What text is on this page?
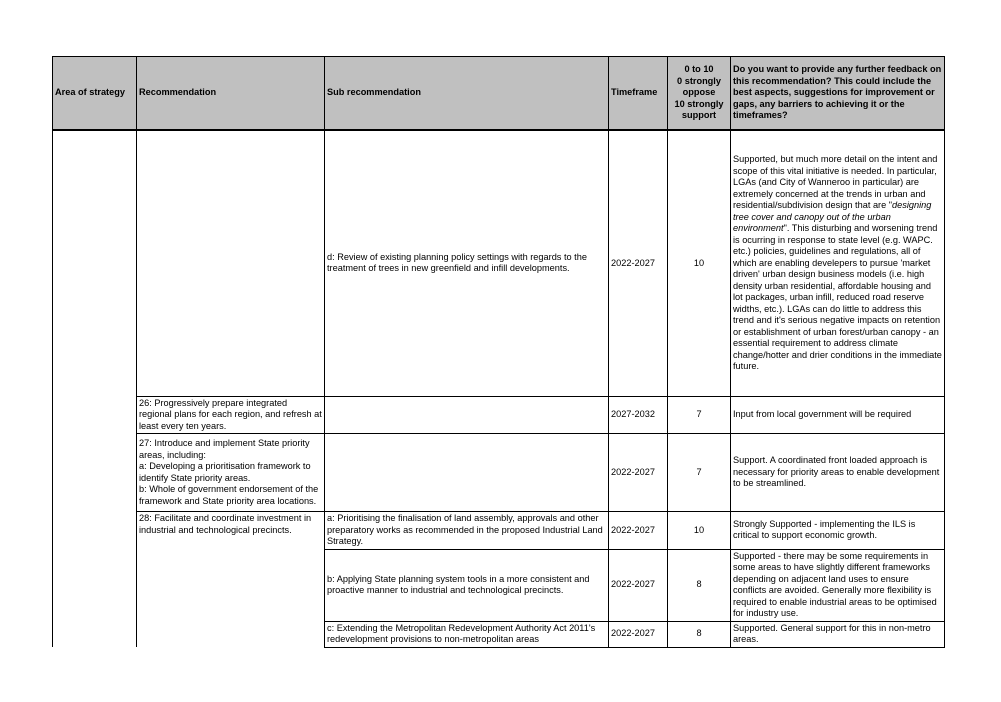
Area of strategy	Recommendation	Sub recommendation	Timeframe	0 to 10
0 strongly
oppose
10 strongly
support	Do you want to provide any further feedback on this recommendation? This could include the best aspects, suggestions for improvement or gaps, any barriers to achieving it or the timeframes?
		d: Review of existing planning policy settings with regards to the treatment of trees in new greenfield and infill developments.	2022-2027	10	Supported, but much more detail on the intent and scope of this vital initiative is needed. In particular, LGAs (and City of Wanneroo in particular) are extremely concerned at the trends in urban and residential/subdivision design that are "designing tree cover and canopy out of the urban environment". This disturbing and worsening trend is ocurring in response to state level (e.g. WAPC. etc.) policies, guidelines and regulations, all of which are enabling develepers to pursue 'market driven' urban design business models (i.e. high density urban residential, affordable housing and lot packages, urban infill, reduced road reserve widths, etc.). LGAs can do little to address this trend and it's serious negative impacts on retention or establishment of urban forest/urban canopy - an essential requirement to address climate change/hotter and drier conditions in the immediate future.
	26: Progressively prepare integrated regional plans for each region, and refresh at least every ten years.		2027-2032	7	Input from local government will be required

	27: Introduce and implement State priority areas, including:
a: Developing a prioritisation framework to identify State priority areas.
b: Whole of government endorsement of the framework and State priority area locations.		2022-2027	7	Support. A coordinated front loaded approach is necessary for priority areas to enable development to be streamlined.
	28: Facilitate and coordinate investment in industrial and technological precincts.	a: Prioritising the finalisation of land assembly, approvals and other preparatory works as recommended in the proposed Industrial Land Strategy.	2022-2027	10	Strongly Supported - implementing the ILS is critical to support economic growth.
		b: Applying State planning system tools in a more consistent and proactive manner to industrial and technological precincts.	2022-2027	8	Supported - there may be some requirements in some areas to have slightly different frameworks depending on adjacent land uses to ensure conflicts are avoided. Generally more flexibility is required to enable industrial areas to be optimised for industry use.
		c: Extending the Metropolitan Redevelopment Authority Act 2011's redevelopment provisions to non-metropolitan areas	2022-2027	8	Supported. General support for this in non-metro areas.
